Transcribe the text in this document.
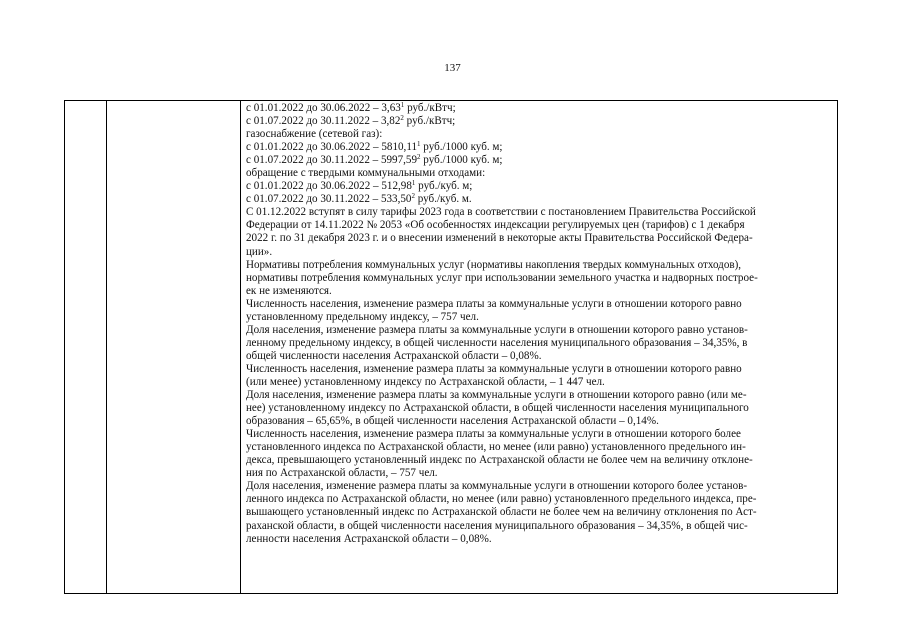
137
с 01.01.2022 до 30.06.2022 – 3,63$^1$ руб./кВтч;
с 01.07.2022 до 30.11.2022 – 3,82$^2$ руб./кВтч;
газоснабжение (сетевой газ):
с 01.01.2022 до 30.06.2022 – 5810,11$^1$ руб./1000 куб. м;
с 01.07.2022 до 30.11.2022 – 5997,59$^2$ руб./1000 куб. м;
обращение с твердыми коммунальными отходами:
с 01.01.2022 до 30.06.2022 – 512,98$^1$ руб./куб. м;
с 01.07.2022 до 30.11.2022 – 533,50$^2$ руб./куб. м.
С 01.12.2022 вступят в силу тарифы 2023 года в соответствии с постановлением Правительства Российской
Федерации от 14.11.2022 № 2053 «Об особенностях индексации регулируемых цен (тарифов) с 1 декабря
2022 г. по 31 декабря 2023 г. и о внесении изменений в некоторые акты Правительства Российской Федера-
ции».
Нормативы потребления коммунальных услуг (нормативы накопления твердых коммунальных отходов),
нормативы потребления коммунальных услуг при использовании земельного участка и надворных построе-
ек не изменяются.
Численность населения, изменение размера платы за коммунальные услуги в отношении которого равно
установленному предельному индексу, – 757 чел.
Доля населения, изменение размера платы за коммунальные услуги в отношении которого равно установ-
ленному предельному индексу, в общей численности населения муниципального образования – 34,35%, в
общей численности населения Астраханской области – 0,08%.
Численность населения, изменение размера платы за коммунальные услуги в отношении которого равно
(или менее) установленному индексу по Астраханской области, – 1 447 чел.
Доля населения, изменение размера платы за коммунальные услуги в отношении которого равно (или ме-
нее) установленному индексу по Астраханской области, в общей численности населения муниципального
образования – 65,65%, в общей численности населения Астраханской области – 0,14%.
Численность населения, изменение размера платы за коммунальные услуги в отношении которого более
установленного индекса по Астраханской области, но менее (или равно) установленного предельного ин-
декса, превышающего установленный индекс по Астраханской области не более чем на величину отклоне-
ния по Астраханской области, – 757 чел.
Доля населения, изменение размера платы за коммунальные услуги в отношении которого более установ-
ленного индекса по Астраханской области, но менее (или равно) установленного предельного индекса, пре-
вышающего установленный индекс по Астраханской области не более чем на величину отклонения по Аст-
раханской области, в общей численности населения муниципального образования – 34,35%, в общей чис-
ленности населения Астраханской области – 0,08%.
